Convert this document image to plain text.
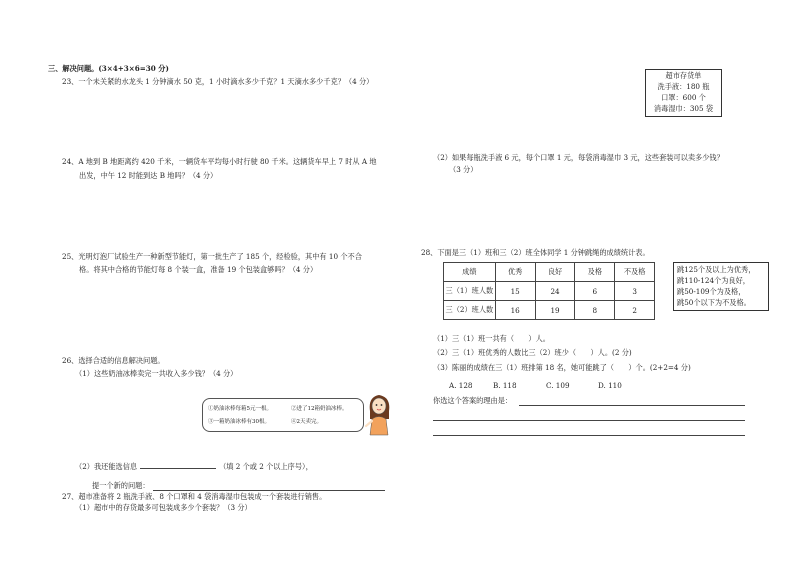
三、解决问题。(3×4+3×6=30 分)
23、一个未关紧的水龙头 1 分钟滴水 50 克，1 小时滴水多少千克？1 天滴水多少千克？（4 分）
24、A 地到 B 地距离约 420 千米，一辆货车平均每小时行驶 80 千米。这辆货车早上 7 时从 A 地
出发，中午 12 时能到达 B 地吗？（4 分）
25、光明灯泡厂试验生产一种新型节能灯，第一批生产了 185 个，经检验，其中有 10 个不合
格。将其中合格的节能灯每 8 个装一盒，准备 19 个包装盒够吗？（4 分）
26、选择合适的信息解决问题。
（1）这些奶油冰棒卖完一共收入多少钱？（4 分）
①奶油冰棒每箱5元一根。	②进了12箱奶油冰棒。
③一箱奶油冰棒有30根。	④2天卖完。
（2）我还能选信息	（填 2 个或 2 个以上序号），
提一个新的问题：
27、超市准备将 2 瓶洗手液、8 个口罩和 4 袋消毒湿巾包装成一个套装进行销售。
（1）超市中的存货最多可包装成多少个套装？（3 分）
超市存货单
洗手液：180 瓶
口罩：600 个
消毒湿巾：305 袋
（2）如果每瓶洗手液 6 元，每个口罩 1 元，每袋消毒湿巾 3 元，这些套装可以卖多少钱？
（3 分）
28、下面是三（1）班和三（2）班全体同学 1 分钟跳绳的成绩统计表。
成绩	优秀	良好	及格	不及格
三（1）班人数	15	24	6	3
三（2）班人数	16	19	8	2
跳125个及以上为优秀，
跳110-124个为良好，
跳50-109个为及格，
跳50个以下为不及格。
（1）三（1）班一共有（　　）人。
（2）三（1）班优秀的人数比三（2）班少（　　）人。(2 分)
（3）陈丽的成绩在三（1）班排第 18 名，她可能跳了（　　）个。(2+2=4 分)
A. 128	B. 118	C. 109	D. 110
你选这个答案的理由是：
